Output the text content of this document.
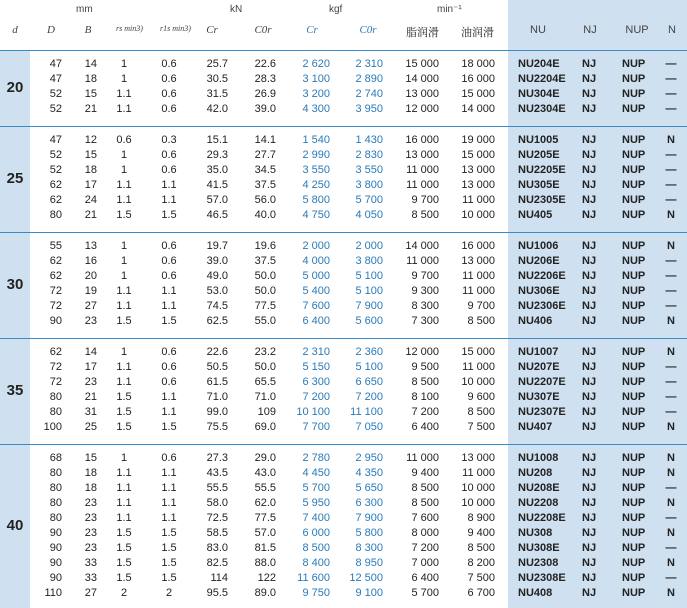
mm	kN	kgf	min⁻¹
d	D	B	rs min3) r1s min3)	Cr	C0r	Cr	C0r	脂润滑	油润滑	NU	NJ	NUP	N
20
47	14	1	0.6	25.7	22.6	2 620	2 310	15 000	18 000 NU204E	NJ	NUP	—
47	18	1	0.6	30.5	28.3	3 100	2 890	14 000	16 000 NU2204E	NJ	NUP	—
52	15	1.1	0.6	31.5	26.9	3 200	2 740	13 000	15 000 NU304E	NJ	NUP	—
52	21	1.1	0.6	42.0	39.0	4 300	3 950	12 000	14 000 NU2304E	NJ	NUP	—
25
47	12	0.6	0.3	15.1	14.1	1 540	1 430	16 000	19 000 NU1005	NJ	NUP	N
52	15	1	0.6	29.3	27.7	2 990	2 830	13 000	15 000 NU205E	NJ	NUP	—
52	18	1	0.6	35.0	34.5	3 550	3 550	11 000	13 000 NU2205E	NJ	NUP	—
62	17	1.1	1.1	41.5	37.5	4 250	3 800	11 000	13 000 NU305E	NJ	NUP	—
62	24	1.1	1.1	57.0	56.0	5 800	5 700	9 700	11 000 NU2305E	NJ	NUP	—
80	21	1.5	1.5	46.5	40.0	4 750	4 050	8 500	10 000 NU405	NJ	NUP	N
30
55	13	1	0.6	19.7	19.6	2 000	2 000	14 000	16 000 NU1006	NJ	NUP	N
62	16	1	0.6	39.0	37.5	4 000	3 800	11 000	13 000 NU206E	NJ	NUP	—
62	20	1	0.6	49.0	50.0	5 000	5 100	9 700	11 000 NU2206E	NJ	NUP	—
72	19	1.1	1.1	53.0	50.0	5 400	5 100	9 300	11 000 NU306E	NJ	NUP	—
72	27	1.1	1.1	74.5	77.5	7 600	7 900	8 300	9 700 NU2306E	NJ	NUP	—
90	23	1.5	1.5	62.5	55.0	6 400	5 600	7 300	8 500 NU406	NJ	NUP	N
35
62	14	1	0.6	22.6	23.2	2 310	2 360	12 000	15 000 NU1007	NJ	NUP	N
72	17	1.1	0.6	50.5	50.0	5 150	5 100	9 500	11 000 NU207E	NJ	NUP	—
72	23	1.1	0.6	61.5	65.5	6 300	6 650	8 500	10 000 NU2207E	NJ	NUP	—
80	21	1.5	1.1	71.0	71.0	7 200	7 200	8 100	9 600 NU307E	NJ	NUP	—
80	31	1.5	1.1	99.0	109	10 100	11 100	7 200	8 500 NU2307E	NJ	NUP	—
100	25	1.5	1.5	75.5	69.0	7 700	7 050	6 400	7 500 NU407	NJ	NUP	N
40
68	15	1	0.6	27.3	29.0	2 780	2 950	11 000	13 000 NU1008	NJ	NUP	N
80	18	1.1	1.1	43.5	43.0	4 450	4 350	9 400	11 000 NU208	NJ	NUP	N
80	18	1.1	1.1	55.5	55.5	5 700	5 650	8 500	10 000 NU208E	NJ	NUP	—
80	23	1.1	1.1	58.0	62.0	5 950	6 300	8 500	10 000 NU2208	NJ	NUP	N
80	23	1.1	1.1	72.5	77.5	7 400	7 900	7 600	8 900 NU2208E	NJ	NUP	—
90	23	1.5	1.5	58.5	57.0	6 000	5 800	8 000	9 400 NU308	NJ	NUP	N
90	23	1.5	1.5	83.0	81.5	8 500	8 300	7 200	8 500 NU308E	NJ	NUP	—
90	33	1.5	1.5	82.5	88.0	8 400	8 950	7 000	8 200 NU2308	NJ	NUP	N
90	33	1.5	1.5	114	122	11 600	12 500	6 400	7 500 NU2308E	NJ	NUP	—
110	27	2	2	95.5	89.0	9 750	9 100	5 700	6 700 NU408	NJ	NUP	N
